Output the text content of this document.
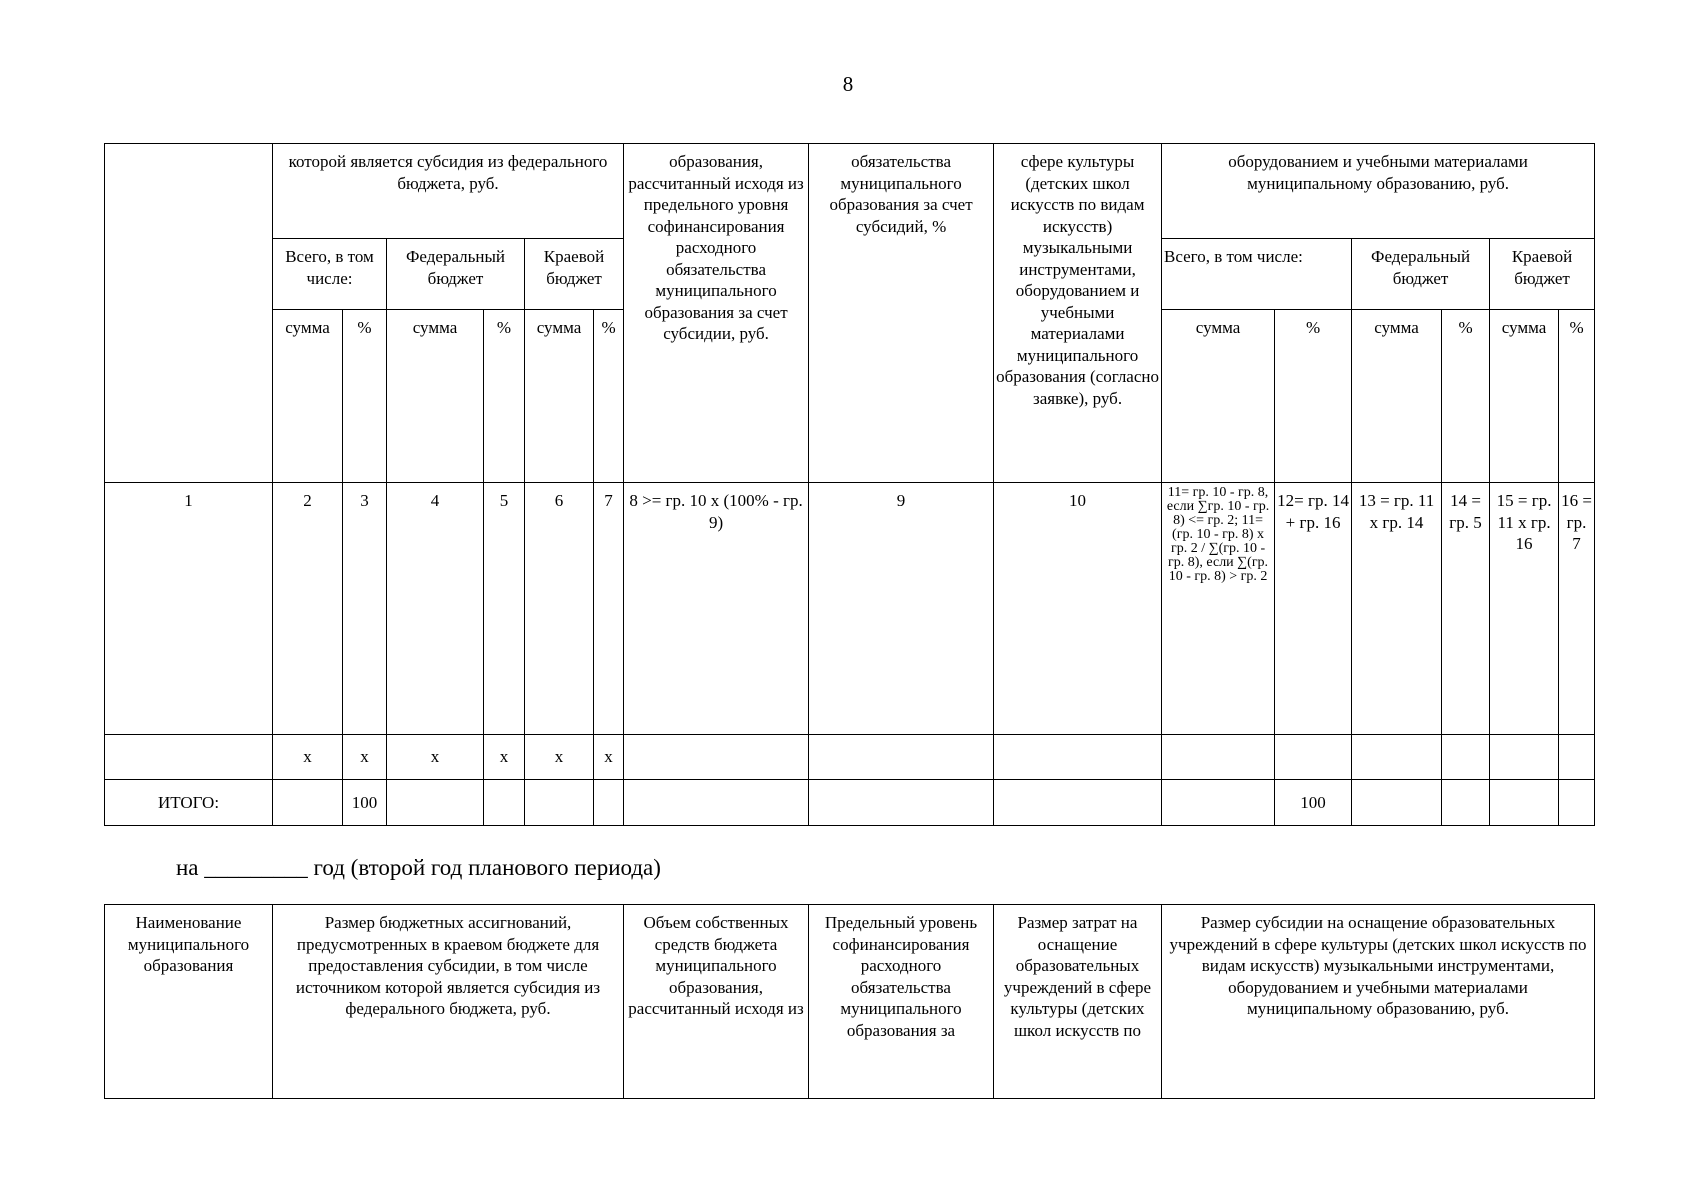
8
	которой является субсидия из федерального бюджета, руб.						образования, рассчитанный исходя из предельного уровня софинансирования расходного обязательства муниципального образования за счет субсидии, руб.	обязательства муниципального образования за счет субсидий, %	сфере культуры (детских школ искусств по видам искусств) музыкальными инструментами, оборудованием и учебными материалами муниципального образования (согласно заявке), руб.	оборудованием и учебными материалами муниципальному образованию, руб.					
	Всего, в том числе:		Федеральный бюджет		Краевой бюджет					Всего, в том числе:		Федеральный бюджет		Краевой бюджет	
	сумма	%	сумма	%	сумма	%				сумма	%	сумма	%	сумма	%
1	2	3	4	5	6	7	8 >= гр. 10 х (100% - гр. 9)	9	10	11= гр. 10 - гр. 8, если ∑гр. 10 - гр. 8) <= гр. 2; 11= (гр. 10 - гр. 8) х гр. 2 / ∑(гр. 10 - гр. 8), если ∑(гр. 10 - гр. 8) > гр. 2	12= гр. 14 + гр. 16	13 = гр. 11 х гр. 14	14 = гр. 5	15 = гр. 11 х гр. 16	16 = гр. 7
	х	х	х	х	х	х									
ИТОГО:		100									100				
на _________ год (второй год планового периода)
Наименование муниципального образования	Размер бюджетных ассигнований, предусмотренных в краевом бюджете для предоставления субсидии, в том числе источником которой является субсидия из федерального бюджета, руб.	Объем собственных средств бюджета муниципального образования, рассчитанный исходя из	Предельный уровень софинансирования расходного обязательства муниципального образования за	Размер затрат на оснащение образовательных учреждений в сфере культуры (детских школ искусств по	Размер субсидии на оснащение образовательных учреждений в сфере культуры (детских школ искусств по видам искусств) музыкальными инструментами, оборудованием и учебными материалами муниципальному образованию, руб.
